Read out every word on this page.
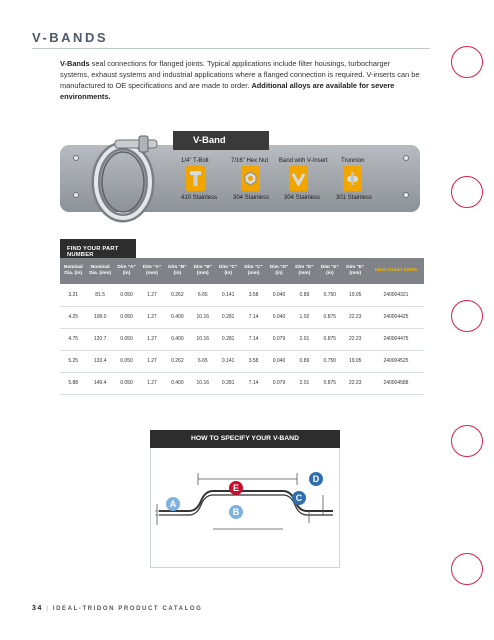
V-BANDS

V-Bands seal connections for flanged joints. Typical applications include filter housings, turbocharger systems, exhaust systems and industrial applications where a flanged connection is required. V-inserts can be manufactured to OE specifications and are made to order. Additional alloys are available for severe environments.

V-Band
1/4" T-Bolt	7/16" Hex Nut Band with V-Insert Trunnion
410 Stainless	304 Stainless 304 Stainless	301 Stainless
FIND YOUR PART NUMBER
Nominal Dia. (in)	Nominal Dia. (mm)	Dim "A" (in)	Dim "A" (mm)	Dim "B" (in)	Dim "B" (mm)	Dim "C" (in)	Dim "C" (mm)	Dim "D" (in)	Dim "D" (mm)	Dim "E" (in)	Dim "E" (mm)	Ideal-Tridon 24000
3.21	81.5	0.050	1.27	0.262	6.65	0.141	3.58	0.040	0.89	0.750	19.05	240004321
4.25	108.0	0.050	1.27	0.400	10.16	0.281	7.14	0.040	1.02	0.875	22.23	240004425
4.75	120.7	0.050	1.27	0.400	10.16	0.281	7.14	0.079	2.01	0.875	22.23	240004475
5.25	133.4	0.050	1.27	0.262	6.65	0.141	3.58	0.040	0.89	0.750	19.05	240004525
5.88	149.4	0.050	1.27	0.400	10.16	0.281	7.14	0.079	2.01	0.875	22.23	240004588
HOW TO SPECIFY YOUR V-BAND
E
D
C
A
B
34 | IDEAL-TRIDON PRODUCT CATALOG
